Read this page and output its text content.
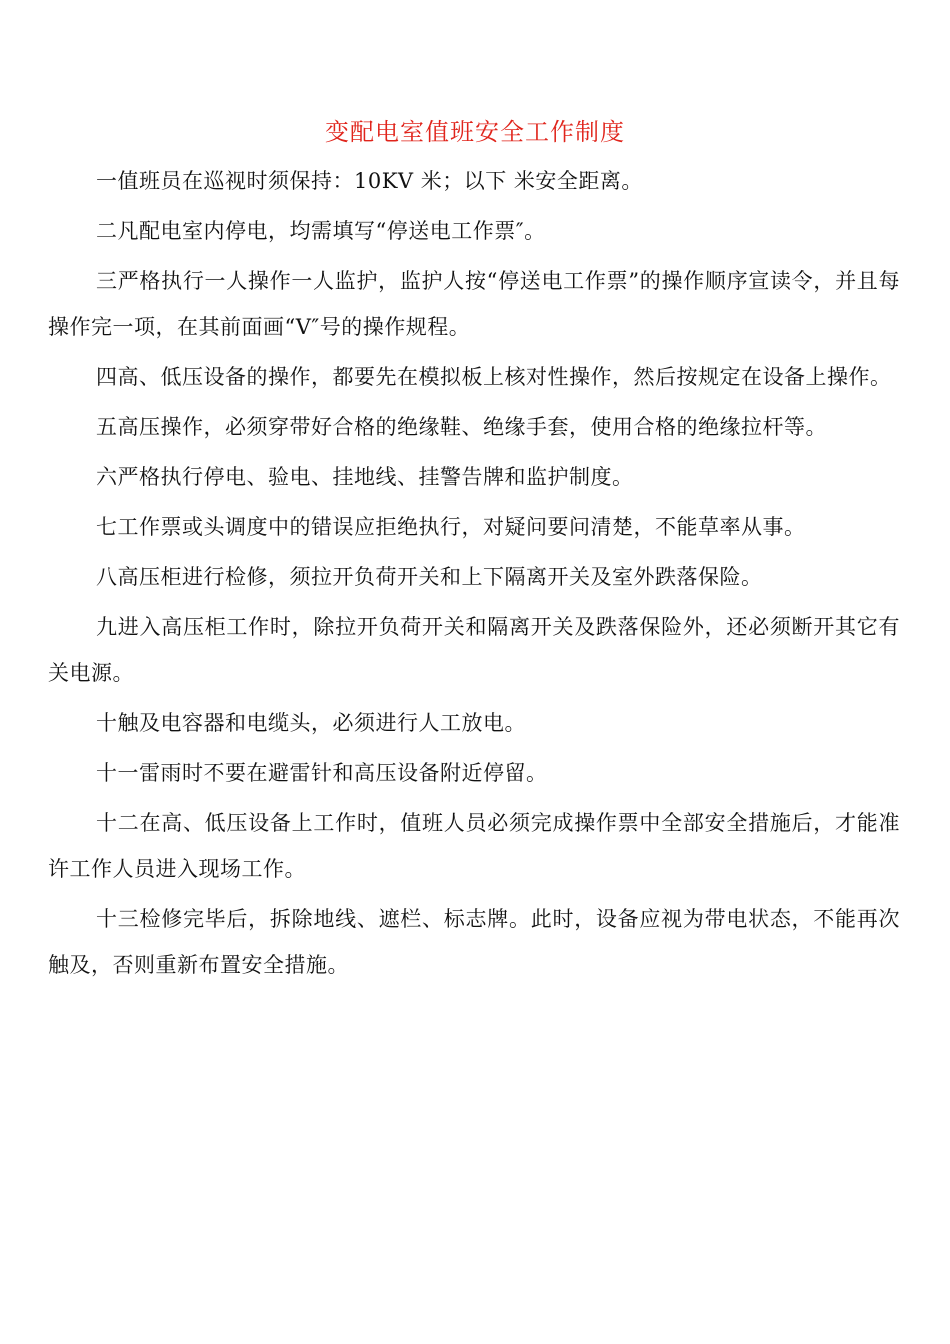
变配电室值班安全工作制度

一值班员在巡视时须保持：10KV 米；以下 米安全距离。

二凡配电室内停电，均需填写“停送电工作票″。

三严格执行一人操作一人监护，监护人按“停送电工作票”的操作顺序宣读令，并且每操作完一项，在其前面画“V″号的操作规程。

四高、低压设备的操作，都要先在模拟板上核对性操作，然后按规定在设备上操作。

五高压操作，必须穿带好合格的绝缘鞋、绝缘手套，使用合格的绝缘拉杆等。

六严格执行停电、验电、挂地线、挂警告牌和监护制度。

七工作票或头调度中的错误应拒绝执行，对疑问要问清楚，不能草率从事。

八高压柜进行检修，须拉开负荷开关和上下隔离开关及室外跌落保险。

九进入高压柜工作时，除拉开负荷开关和隔离开关及跌落保险外，还必须断开其它有关电源。

十触及电容器和电缆头，必须进行人工放电。

十一雷雨时不要在避雷针和高压设备附近停留。

十二在高、低压设备上工作时，值班人员必须完成操作票中全部安全措施后，才能准许工作人员进入现场工作。

十三检修完毕后，拆除地线、遮栏、标志牌。此时，设备应视为带电状态，不能再次触及，否则重新布置安全措施。
